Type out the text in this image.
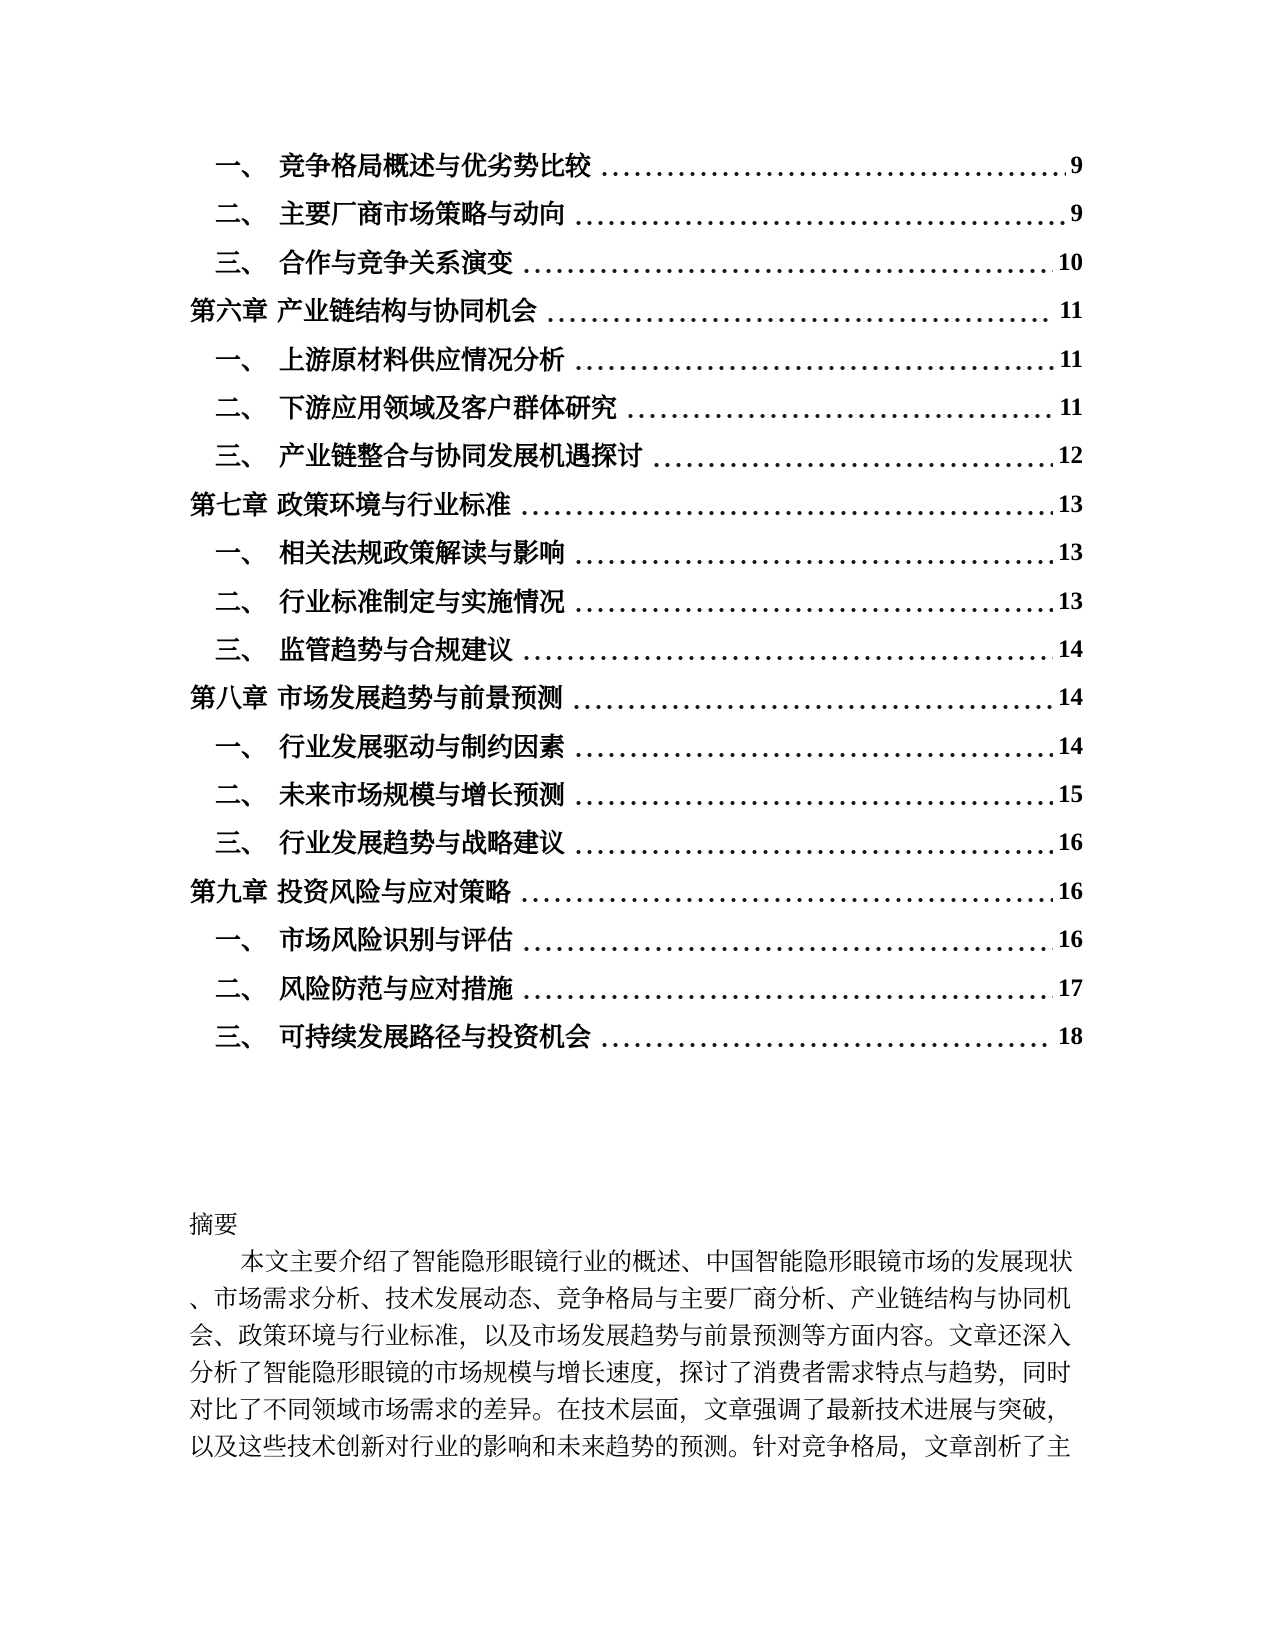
一、 竞争格局概述与优劣势比较	9
二、 主要厂商市场策略与动向	9
三、 合作与竞争关系演变	10
第六章 产业链结构与协同机会	11
一、 上游原材料供应情况分析	11
二、 下游应用领域及客户群体研究	11
三、 产业链整合与协同发展机遇探讨	12
第七章 政策环境与行业标准	13
一、 相关法规政策解读与影响	13
二、 行业标准制定与实施情况	13
三、 监管趋势与合规建议	14
第八章 市场发展趋势与前景预测	14
一、 行业发展驱动与制约因素	14
二、 未来市场规模与增长预测	15
三、 行业发展趋势与战略建议	16
第九章 投资风险与应对策略	16
一、 市场风险识别与评估	16
二、 风险防范与应对措施	17
三、 可持续发展路径与投资机会	18
摘要
本文主要介绍了智能隐形眼镜行业的概述、中国智能隐形眼镜市场的发展现状
、市场需求分析、技术发展动态、竞争格局与主要厂商分析、产业链结构与协同机
会、政策环境与行业标准，以及市场发展趋势与前景预测等方面内容。文章还深入
分析了智能隐形眼镜的市场规模与增长速度，探讨了消费者需求特点与趋势，同时
对比了不同领域市场需求的差异。在技术层面，文章强调了最新技术进展与突破，
以及这些技术创新对行业的影响和未来趋势的预测。针对竞争格局，文章剖析了主
